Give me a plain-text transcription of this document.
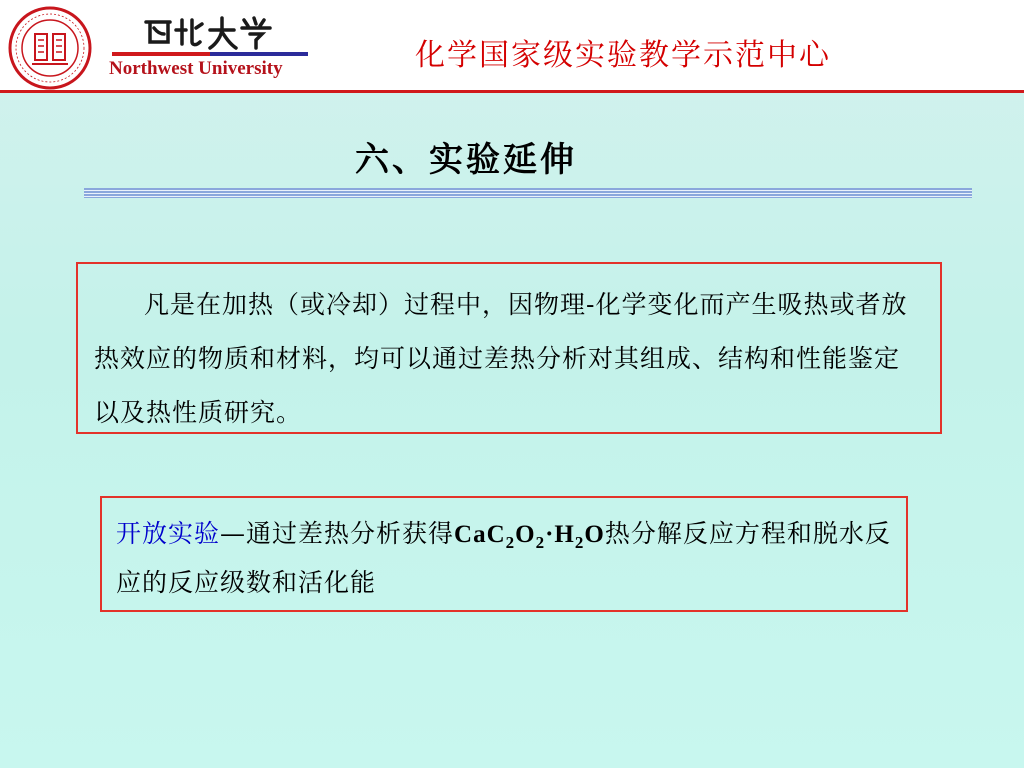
Northwest University	化学国家级实验教学示范中心
六、实验延伸

凡是在加热（或冷却）过程中，因物理-化学变化而产生吸热或者放热效应的物质和材料，均可以通过差热分析对其组成、结构和性能鉴定以及热性质研究。

开放实验—通过差热分析获得$CaC_2O_2\cdot H_2O$热分解反应方程和脱水反应的反应级数和活化能
